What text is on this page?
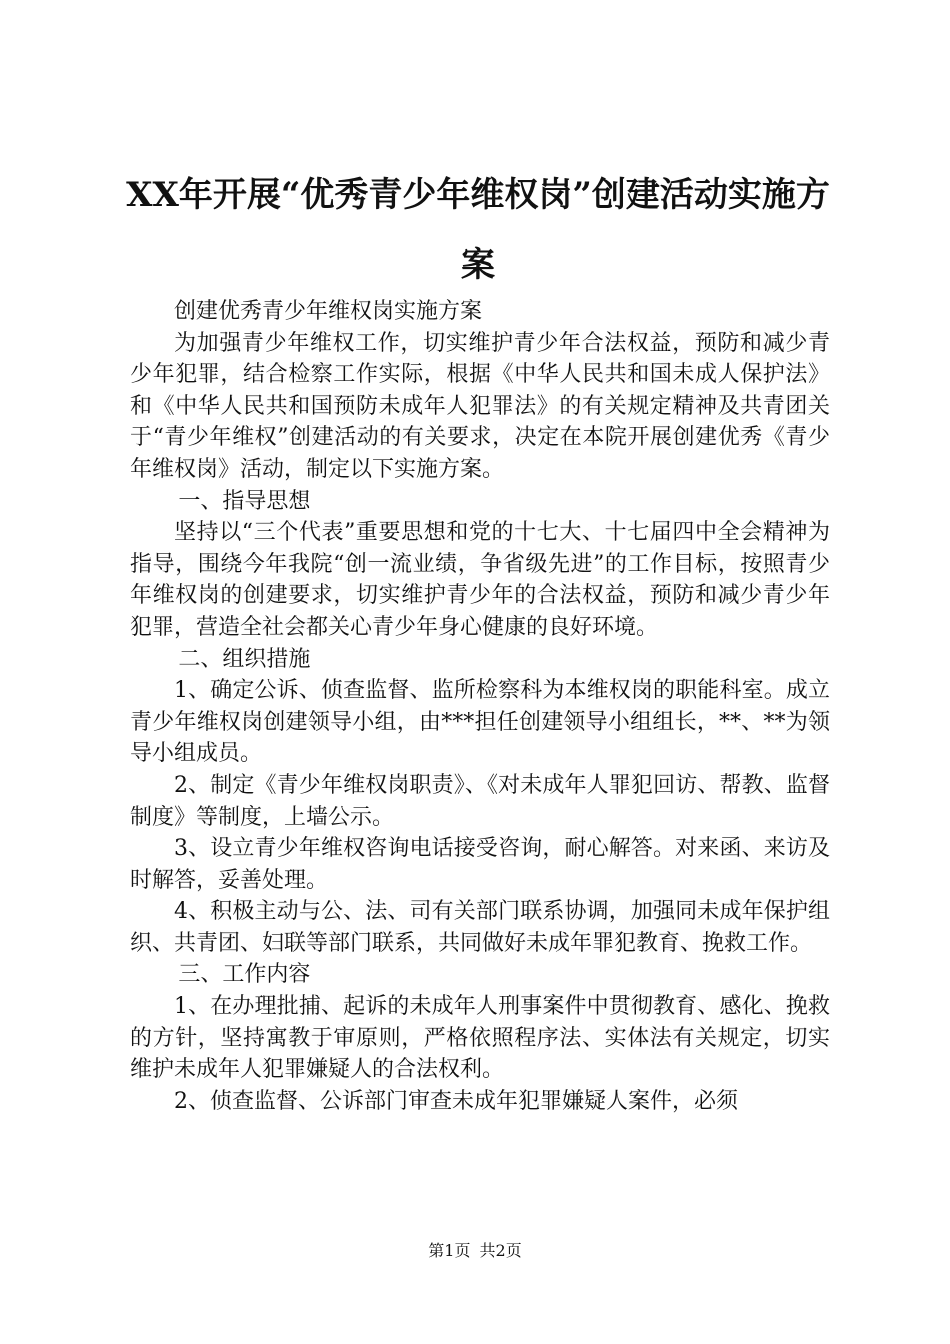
XX年开展“优秀青少年维权岗”创建活动实施方案

创建优秀青少年维权岗实施方案

为加强青少年维权工作，切实维护青少年合法权益，预防和减少青少年犯罪，结合检察工作实际，根据《中华人民共和国未成人保护法》和《中华人民共和国预防未成年人犯罪法》的有关规定精神及共青团关于“青少年维权”创建活动的有关要求，决定在本院开展创建优秀《青少年维权岗》活动，制定以下实施方案。

一、指导思想

坚持以“三个代表”重要思想和党的十七大、十七届四中全会精神为指导，围绕今年我院“创一流业绩，争省级先进”的工作目标，按照青少年维权岗的创建要求，切实维护青少年的合法权益，预防和减少青少年犯罪，营造全社会都关心青少年身心健康的良好环境。

二、组织措施

1、确定公诉、侦查监督、监所检察科为本维权岗的职能科室。成立青少年维权岗创建领导小组，由***担任创建领导小组组长，**、**为领导小组成员。

2、制定《青少年维权岗职责》、《对未成年人罪犯回访、帮教、监督制度》等制度，上墙公示。

3、设立青少年维权咨询电话接受咨询，耐心解答。对来函、来访及时解答，妥善处理。

4、积极主动与公、法、司有关部门联系协调，加强同未成年保护组织、共青团、妇联等部门联系，共同做好未成年罪犯教育、挽救工作。

三、工作内容

1、在办理批捕、起诉的未成年人刑事案件中贯彻教育、感化、挽救的方针，坚持寓教于审原则，严格依照程序法、实体法有关规定，切实维护未成年人犯罪嫌疑人的合法权利。

2、侦查监督、公诉部门审查未成年犯罪嫌疑人案件，必须

第1页 共2页
